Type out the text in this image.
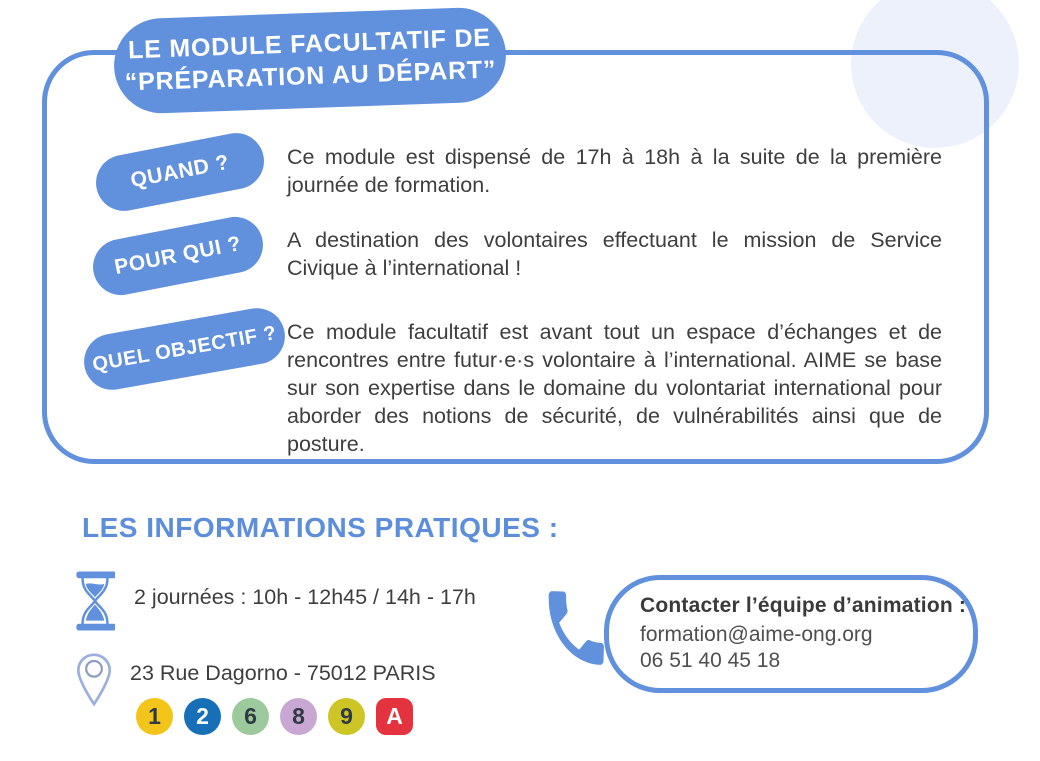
LE MODULE FACULTATIF DE
“PRÉPARATION AU DÉPART”
QUAND ?	Ce module est dispensé de 17h à 18h à la suite de la première journée de formation.
POUR QUI ? A destination des volontaires effectuant le mission de Service Civique à l’international !
QUEL OBJECTIF ? Ce module facultatif est avant tout un espace d’échanges et de rencontres entre futur·e·s volontaire à l’international. AIME se base sur son expertise dans le domaine du volontariat international pour aborder des notions de sécurité, de vulnérabilités ainsi que de posture.
LES INFORMATIONS PRATIQUES :
2 journées : 10h - 12h45 / 14h - 17h
23 Rue Dagorno - 75012 PARIS
1	2	6	8	9	A
Contacter l’équipe d’animation :
formation@aime-ong.org
06 51 40 45 18
